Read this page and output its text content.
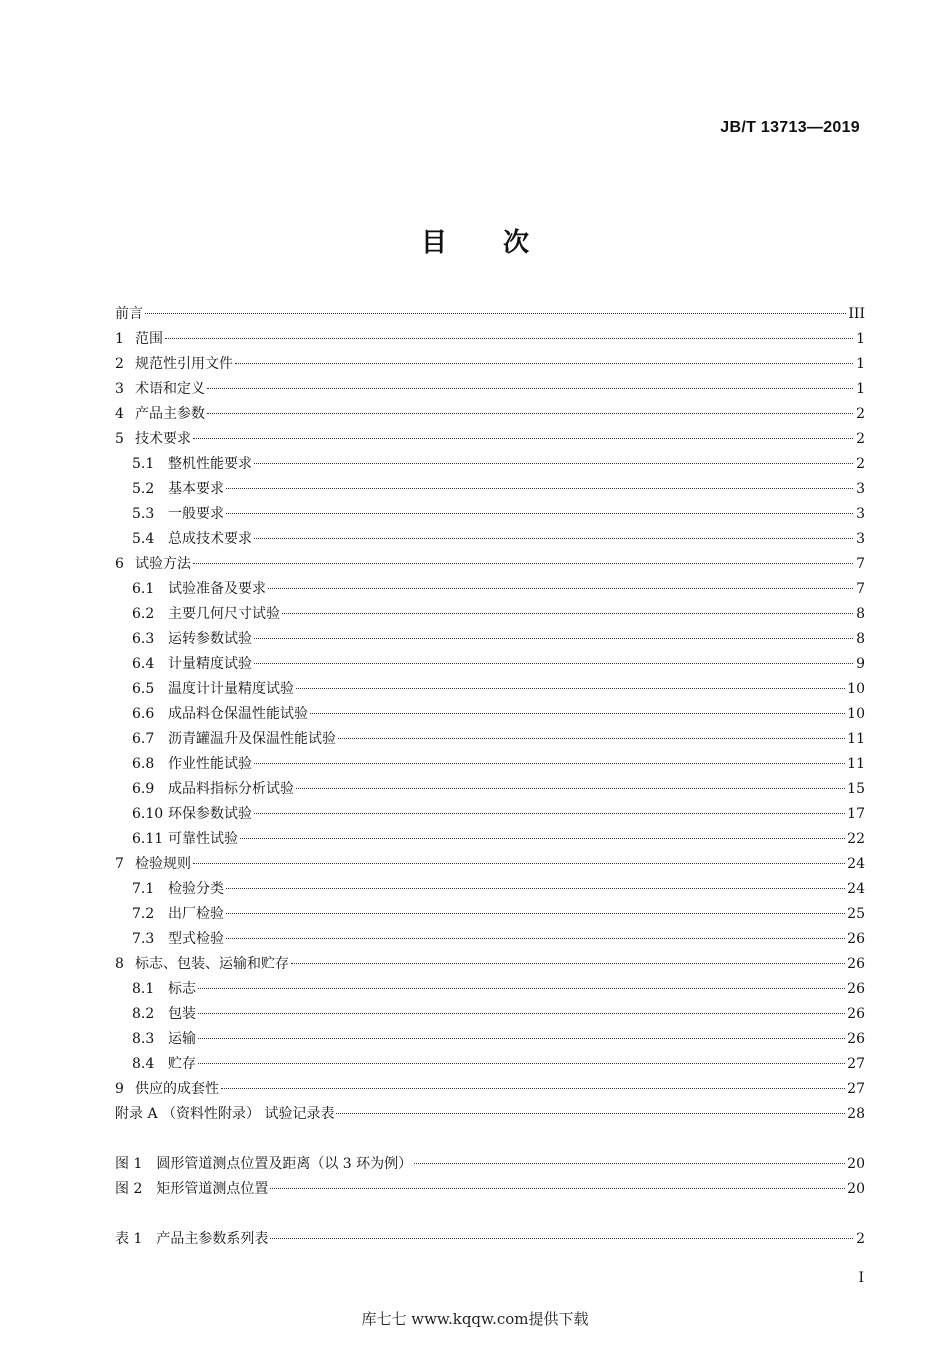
JB/T 13713—2019
目 次
前言	III
1 范围	1
2 规范性引用文件	1
3 术语和定义	1
4 产品主参数	2
5 技术要求	2
5.1 整机性能要求	2
5.2 基本要求	3
5.3 一般要求	3
5.4 总成技术要求	3
6 试验方法	7
6.1 试验准备及要求	7
6.2 主要几何尺寸试验	8
6.3 运转参数试验	8
6.4 计量精度试验	9
6.5 温度计计量精度试验	10
6.6 成品料仓保温性能试验	10
6.7 沥青罐温升及保温性能试验	11
6.8 作业性能试验	11
6.9 成品料指标分析试验	15
6.10 环保参数试验	17
6.11 可靠性试验	22
7 检验规则	24
7.1 检验分类	24
7.2 出厂检验	25
7.3 型式检验	26
8 标志、包装、运输和贮存	26
8.1 标志	26
8.2 包装	26
8.3 运输	26
8.4 贮存	27
9 供应的成套性	27
附录 A （资料性附录） 试验记录表	28
图 1　圆形管道测点位置及距离（以 3 环为例）	20
图 2　矩形管道测点位置	20
表 1　产品主参数系列表	2
I
库七七 www.kqqw.com提供下载
